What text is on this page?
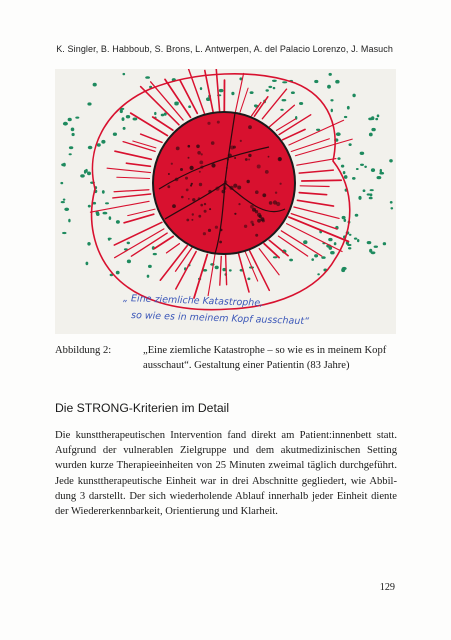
K. Singler, B. Habboub, S. Brons, L. Antwerpen, A. del Palacio Lorenzo, J. Masuch
„ Eine ziemliche Katastrophe,
so wie es in meinem Kopf ausschaut“
Abbildung 2:	„Eine ziemliche Katastrophe – so wie es in meinem Kopf ausschaut“. Gestaltung einer Patientin (83 Jahre)
Die STRONG-Kriterien im Detail

Die kunsttherapeutischen Intervention fand direkt am Patient:innenbett statt. Aufgrund der vulnerablen Zielgruppe und dem akutmedizinischen Setting wurden kurze Therapieeinheiten von 25 Minuten zweimal täglich durchgeführt. Jede kunsttherapeutische Einheit war in drei Abschnitte gegliedert, wie Abbildung 3 darstellt. Der sich wiederholende Ablauf innerhalb jeder Einheit diente der Wiedererkennbarkeit, Orientierung und Klarheit.

129
